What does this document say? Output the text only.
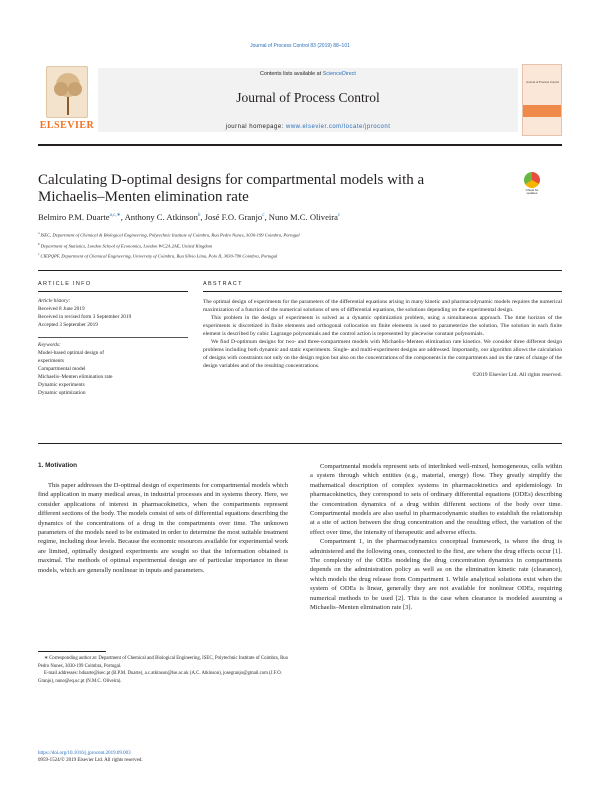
Journal of Process Control 83 (2019) 88–101
ELSEVIER
Contents lists available at ScienceDirect
Journal of Process Control
journal homepage: www.elsevier.com/locate/jprocont
Journal of Process Control
Calculating D-optimal designs for compartmental models with a Michaelis–Menten elimination rate	Check for updates
Belmiro P.M. Duarte$^{a,c,∗}$, Anthony C. Atkinson$^b$, José F.O. Granjo$^c$, Nuno M.C. Oliveira$^c$
$^a$ ISEC, Department of Chemical & Biological Engineering, Polytechnic Institute of Coimbra, Rua Pedro Nunes, 3030-199 Coimbra, Portugal
$^b$ Department of Statistics, London School of Economics, London WC2A 2AE, United Kingdom
$^c$ CIEPQPF, Department of Chemical Engineering, University of Coimbra, Rua Sílvio Lima, Polo II, 3030-790 Coimbra, Portugal
ARTICLE INFO	ABSTRACT
Article history:
Received 8 June 2019
Received in revised form 3 September 2019
Accepted 3 September 2019
Keywords:
Model-based optimal design of
experiments
Compartmental model
Michaelis–Menten elimination rate
Dynamic experiments
Dynamic optimization

The optimal design of experiments for the parameters of the differential equations arising in many kinetic and pharmacodynamic models requires the numerical maximization of a function of the numerical solutions of sets of differential equations, the solutions depending on the experimental design.

This problem in the design of experiments is solved as a dynamic optimization problem, using a simultaneous approach. The time horizon of the experiments is discretized in finite elements and orthogonal collocation on finite elements is used to parameterize the solution. The solution in each finite element is described by cubic Lagrange polynomials and the control action is represented by piecewise constant polynomials.

We find D-optimum designs for two- and three-compartment models with Michaelis–Menten elimination rate kinetics. We consider three different design problems including both dynamic and static experiments. Single- and multi-experiment designs are addressed. Importantly, our algorithm allows the calculation of designs with constraints not only on the design region but also on the concentrations of the components in the compartments and on the rates of change of the design variables and of the resulting concentrations.

©2019 Elsevier Ltd. All rights reserved.

1. Motivation

This paper addresses the D-optimal design of experiments for compartmental models which find application in many medical areas, in industrial processes and in systems theory. Here, we consider applications of interest in pharmacokinetics, when the compartments represent different sections of the body. The models consist of sets of differential equations describing the dynamics of the concentrations of a drug in the compartments over time. The unknown parameters of the models need to be estimated in order to determine the most suitable treatment regime, including dose levels. Because the economic resources available for experimental work are limited, optimally designed experiments are sought so that the information obtained is maximal. The methods of optimal experimental design are of particular importance in these models, which are generally nonlinear in inputs and parameters.

Compartmental models represent sets of interlinked well-mixed, homogeneous, cells within a system through which entities (e.g., material, energy) flow. They greatly simplify the mathematical description of complex systems in pharmacokinetics and epidemiology. In pharmacokinetics, they correspond to sets of ordinary differential equations (ODEs) describing the concentration dynamics of a drug within different sections of the body over time. Compartmental models are also useful in pharmacodynamic studies to establish the relationship at a site of action between the drug concentration and the resulting effect, the variation of the effect over time, the intensity of therapeutic and adverse effects.

Compartment 1, in the pharmacodynamics conceptual framework, is where the drug is administered and the following ones, connected to the first, are where the drug effects occur [1]. The complexity of the ODEs modeling the drug concentration dynamics in compartments depends on the administration policy as well as on the elimination kinetic rate (clearance), which models the drug release from Compartment 1. While analytical solutions exist when the system of ODEs is linear, generally they are not available for nonlinear ODEs, requiring numerical methods to be used [2]. This is the case when clearance is modeled assuming a Michaelis–Menten elimination rate [3].

∗ Corresponding author at: Department of Chemical and Biological Engineering, ISEC, Polytechnic Institute of Coimbra, Rua Pedro Nunes, 3030-199 Coimbra, Portugal.

E-mail addresses: bduarte@isec.pt (B.P.M. Duarte), a.c.atkinson@lse.ac.uk (A.C. Atkinson), josegranjo@gmail.com (J.F.O. Granjo), nuno@eq.uc.pt (N.M.C. Oliveira).

https://doi.org/10.1016/j.jprocont.2019.09.003
0959-1524/© 2019 Elsevier Ltd. All rights reserved.
